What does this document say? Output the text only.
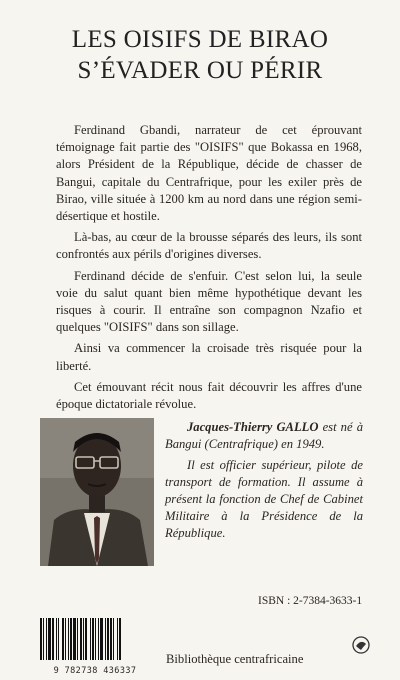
LES OISIFS DE BIRAO
S’ÉVADER OU PÉRIR

Ferdinand Gbandi, narrateur de cet éprouvant témoignage fait partie des "OISIFS" que Bokassa en 1968, alors Président de la République, décide de chasser de Bangui, capitale du Centrafrique, pour les exiler près de Birao, ville située à 1200 km au nord dans une région semi-désertique et hostile.

Là-bas, au cœur de la brousse séparés des leurs, ils sont confrontés aux périls d'origines diverses.

Ferdinand décide de s'enfuir. C'est selon lui, la seule voie du salut quant bien même hypothétique devant les risques à courir. Il entraîne son compagnon Nzafio et quelques "OISIFS" dans son sillage.

Ainsi va commencer la croisade très risquée pour la liberté.

Cet émouvant récit nous fait découvrir les affres d'une époque dictatoriale révolue.

Jacques-Thierry GALLO est né à Bangui (Centrafrique) en 1949.

Il est officier supérieur, pilote de transport de formation. Il assume à présent la fonction de Chef de Cabinet Militaire à la Présidence de la République.

ISBN : 2-7384-3633-1
9 782738 436337
Bibliothèque centrafricaine
